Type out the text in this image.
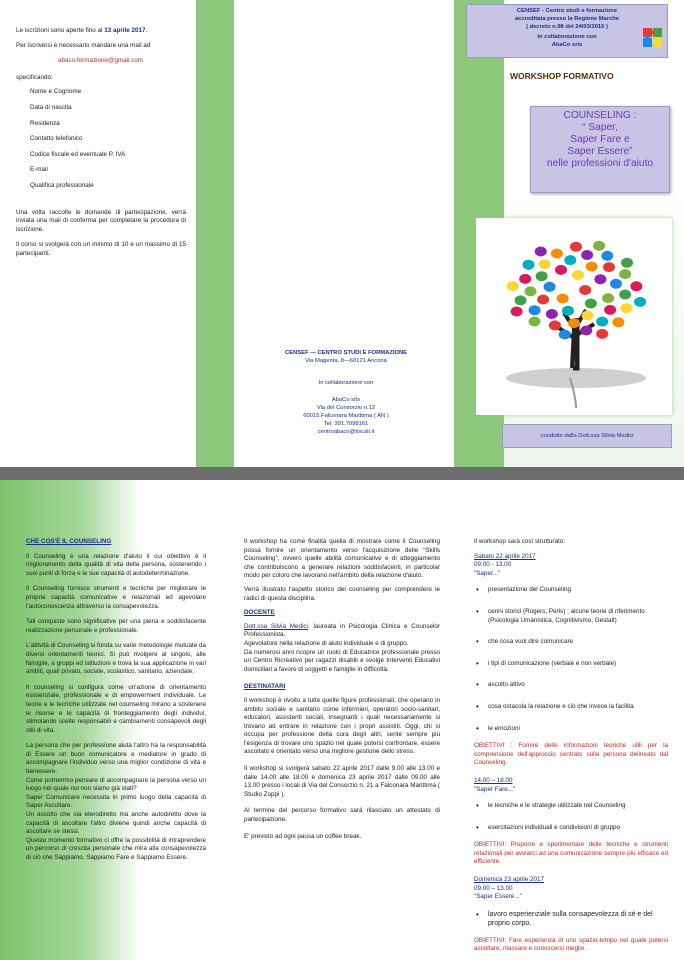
Le iscrizioni sono aperte fino al 13 aprile 2017.
Per iscriversi è necessario mandare una mail ad
abaco.formazione@gmail.com
specificando:
Nome e Cognome
Data di nascita
Residenza
Contatto telefonico
Codice fiscale ed eventuale P. IVA
E-mail
Qualifica professionale
Una volta raccolte le domande di partecipazione, verrà inviata una mail di conferma per completare la procedura di iscrizione.
Il corso si svolgerà con un minimo di 10 e un massimo di 15 partecipanti.
CENSEF — CENTRO STUDI E FORMAZIONE
Via Magenta, 8—60121 Ancona
In collaborazione con
AbaCo srls
Via del Consorzio n.12
60015 Falconara Marittima ( AN )
Tel. 391.7098161
centroabaco@tiscali.it
CENSEF - Centro studi e formazione
accreditata presso la Regione Marche
( decreto n.98 del 24/03/2016 )
in collaborazione con
AbaCo srls
WORKSHOP FORMATIVO
COUNSELING :
“ Saper,
Saper Fare e
Saper Essere”
nelle professioni d'aiuto
condotto dalla Dott.ssa Silvia Medici
CHE COS'È IL COUNSELING

Il Counseling è una relazione d'aiuto il cui obiettivo è il miglioramento della qualità di vita della persona, sostenendo i suoi punti di forza e le sue capacità di autodeterminazione.

Il Counseling fornisce strumenti e tecniche per migliorare le proprie capacità comunicative e relazionali ed agevolare l'autoconoscenza attraverso la consapevolezza.

Tali conquiste sono significative per una piena e soddisfacente realizzazione personale e professionale.

L'attività di Counseling si fonda su varie metodologie mutuate da diversi orientamenti teorici. Si può rivolgere al singolo, alle famiglie, a gruppi ed istituzioni e trova la sua applicazione in vari ambiti, quali privato, sociale, scolastico, sanitario, aziendale.

Il counseling si configura come un'azione di orientamento esistenziale, professionale e di empowerment individuale. Le teorie e le tecniche utilizzate nel counseling mirano a sostenere le risorse e le capacità di fronteggiamento degli individui, stimolando scelte responsabili e cambiamenti consapevoli degli stili di vita.

La persona che per professione aiuta l'altro ha la responsabilità di Essere un buon comunicatore e mediatore in grado di accompagnare l'individuo verso una miglior condizione di vita e benessere.

Come potremmo pensare di accompagnare la persona verso un luogo nel quale noi non siamo già stati?

Saper Comunicare necessita in primo luogo della capacità di Saper Ascoltare.

Un ascolto che sia eterodiretto ma anche autodiretto dove la capacità di ascoltare l'altro diviene quindi anche capacità di ascoltare se stessi.

Questo momento formativo ci offre la possibilità di intraprendere un percorso di crescita personale che mira alla consapevolezza di ciò che Sappiamo, Sappiamo Fare e Sappiamo Essere.

Il workshop ha come finalità quella di mostrare come il Counseling possa fornire un orientamento verso l'acquisizione delle “Skills Counseling”, ovvero quelle abilità comunicative e di atteggiamento che contribuiscono a generare relazioni soddisfacenti, in particolar modo per coloro che lavorano nell'ambito della relazione d'aiuto.

Verrà illustrato l'aspetto storico del counseling per comprendere le radici di questa disciplina.

DOCENTE
Dott.ssa Silvia Medici, laureata in Psicologia Clinica e Counselor Professionista.
Agevolatore nella relazione di aiuto individuale e di gruppo.

Da numerosi anni ricopre un ruolo di Educatrice professionale presso un Centro Ricreativo per ragazzi disabili e svolge Interventi Educativi domiciliari a favore di soggetti e famiglie in difficoltà.

DESTINATARI

Il workshop è rivolto a tutte quelle figure professionali, che operano in ambito sociale e sanitario come infermieri, operatori socio-sanitari, educatori, assistenti sociali, insegnanti i quali necessariamente si trovano ad entrare in relazione con i propri assistiti. Oggi, chi si occupa per professione della cura degli altri, sente sempre più l'esigenza di trovare uno spazio nel quale potersi confrontare, essere ascoltato e orientato verso una migliore gestione dello stress.

Il workshop si svolgerà sabato 22 aprile 2017 dalle 9.00 alle 13.00 e dalle 14.00 alle 18.00 e domenica 23 aprile 2017 dalle 09.00 alle 13.00 presso i locali di Via del Consorzio n. 21 a Falconara Marittima ( Studio Zoppi ).

Al termine del percorso formativo sarà rilasciato un attestato di partecipazione.

E' previsto ad ogni pausa un coffee break.

Il workshop sarà così strutturato:
Sabato 22 aprile 2017
09.00 - 13.00
"Saper..."
• presentazione del Counseling
• cenni storici (Rogers, Perls) ; alcune teorie di riferimento (Psicologia Umanistica, Cognitivismo, Gestalt)
• che cosa vuol dire comunicare
• i tipi di comunicazione (verbale e non verbale)
• ascolto attivo
• cosa ostacola la relazione e ciò che invece la facilita
• le emozioni
OBIETTIVI : Fornire delle informazioni teoriche utili per la comprensione dell'approccio centrato sulla persona delineato dal Counseling.
14.00 – 18.00
"Saper Fare..."
• le tecniche e le strategie utilizzate nel Counseling
• esercitazioni individuali e condivisioni di gruppo
OBIETTIVI: Proporre e sperimentare delle tecniche e strumenti relazionali per avviarci ad una comunicazione sempre più efficace ed efficiente.
Domenica 23 aprile 2017
09.00 – 13.00
"Saper Essere..."
• lavoro esperienziale sulla consapevolezza di sé e del proprio corpo.
OBIETTIVI: Fare esperienza di uno spazio-tempo nel quale potersi ascoltare, rilassare e conoscersi meglio.
